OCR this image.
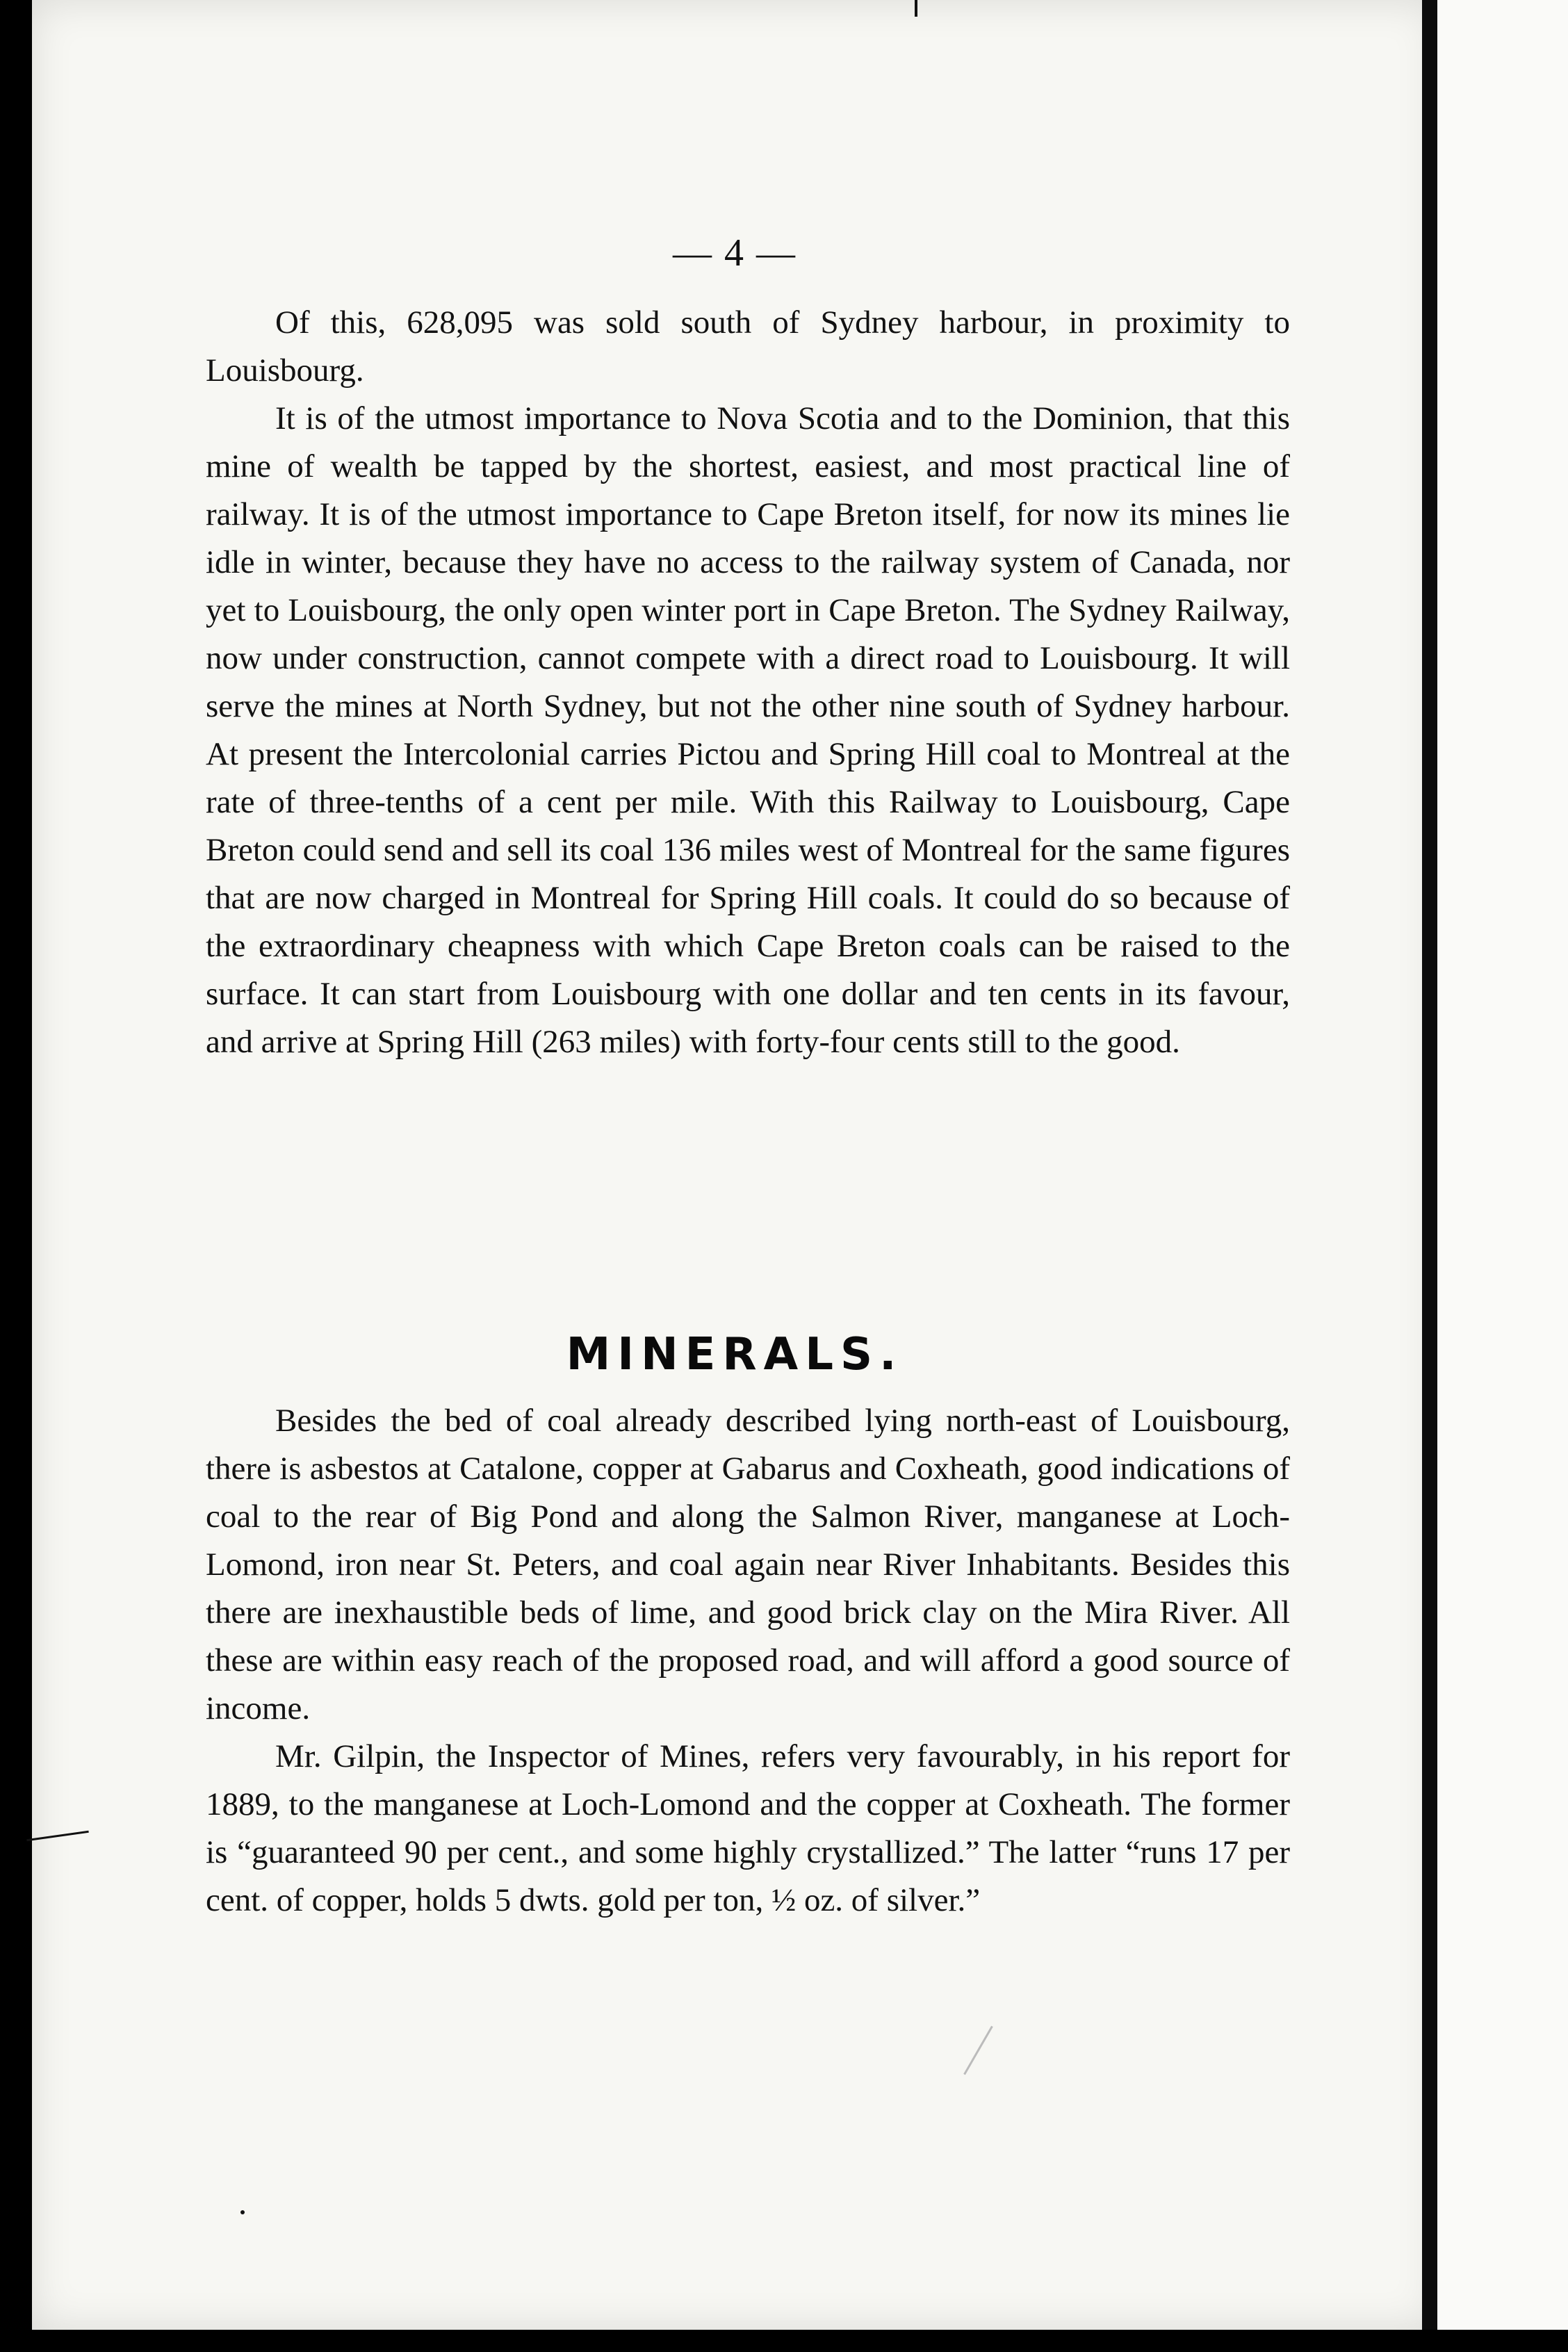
— 4 —

Of this, 628,095 was sold south of Sydney harbour, in proximity to Louisbourg.

It is of the utmost importance to Nova Scotia and to the Dominion, that this mine of wealth be tapped by the shortest, easiest, and most practical line of railway. It is of the utmost importance to Cape Breton itself, for now its mines lie idle in winter, because they have no access to the railway system of Canada, nor yet to Louisbourg, the only open winter port in Cape Breton. The Sydney Railway, now under construction, cannot compete with a direct road to Louisbourg. It will serve the mines at North Sydney, but not the other nine south of Sydney harbour. At present the Intercolonial carries Pictou and Spring Hill coal to Montreal at the rate of three-tenths of a cent per mile. With this Railway to Louisbourg, Cape Breton could send and sell its coal 136 miles west of Montreal for the same figures that are now charged in Montreal for Spring Hill coals. It could do so because of the extraordinary cheapness with which Cape Breton coals can be raised to the surface. It can start from Louisbourg with one dollar and ten cents in its favour, and arrive at Spring Hill (263 miles) with forty-four cents still to the good.

MINERALS.

Besides the bed of coal already described lying north-east of Louisbourg, there is asbestos at Catalone, copper at Gabarus and Coxheath, good indications of coal to the rear of Big Pond and along the Salmon River, manganese at Loch-Lomond, iron near St. Peters, and coal again near River Inhabitants. Besides this there are inexhaustible beds of lime, and good brick clay on the Mira River. All these are within easy reach of the proposed road, and will afford a good source of income.

Mr. Gilpin, the Inspector of Mines, refers very favourably, in his report for 1889, to the manganese at Loch-Lomond and the copper at Coxheath. The former is “guaranteed 90 per cent., and some highly crystallized.” The latter “runs 17 per cent. of copper, holds 5 dwts. gold per ton, ½ oz. of silver.”
